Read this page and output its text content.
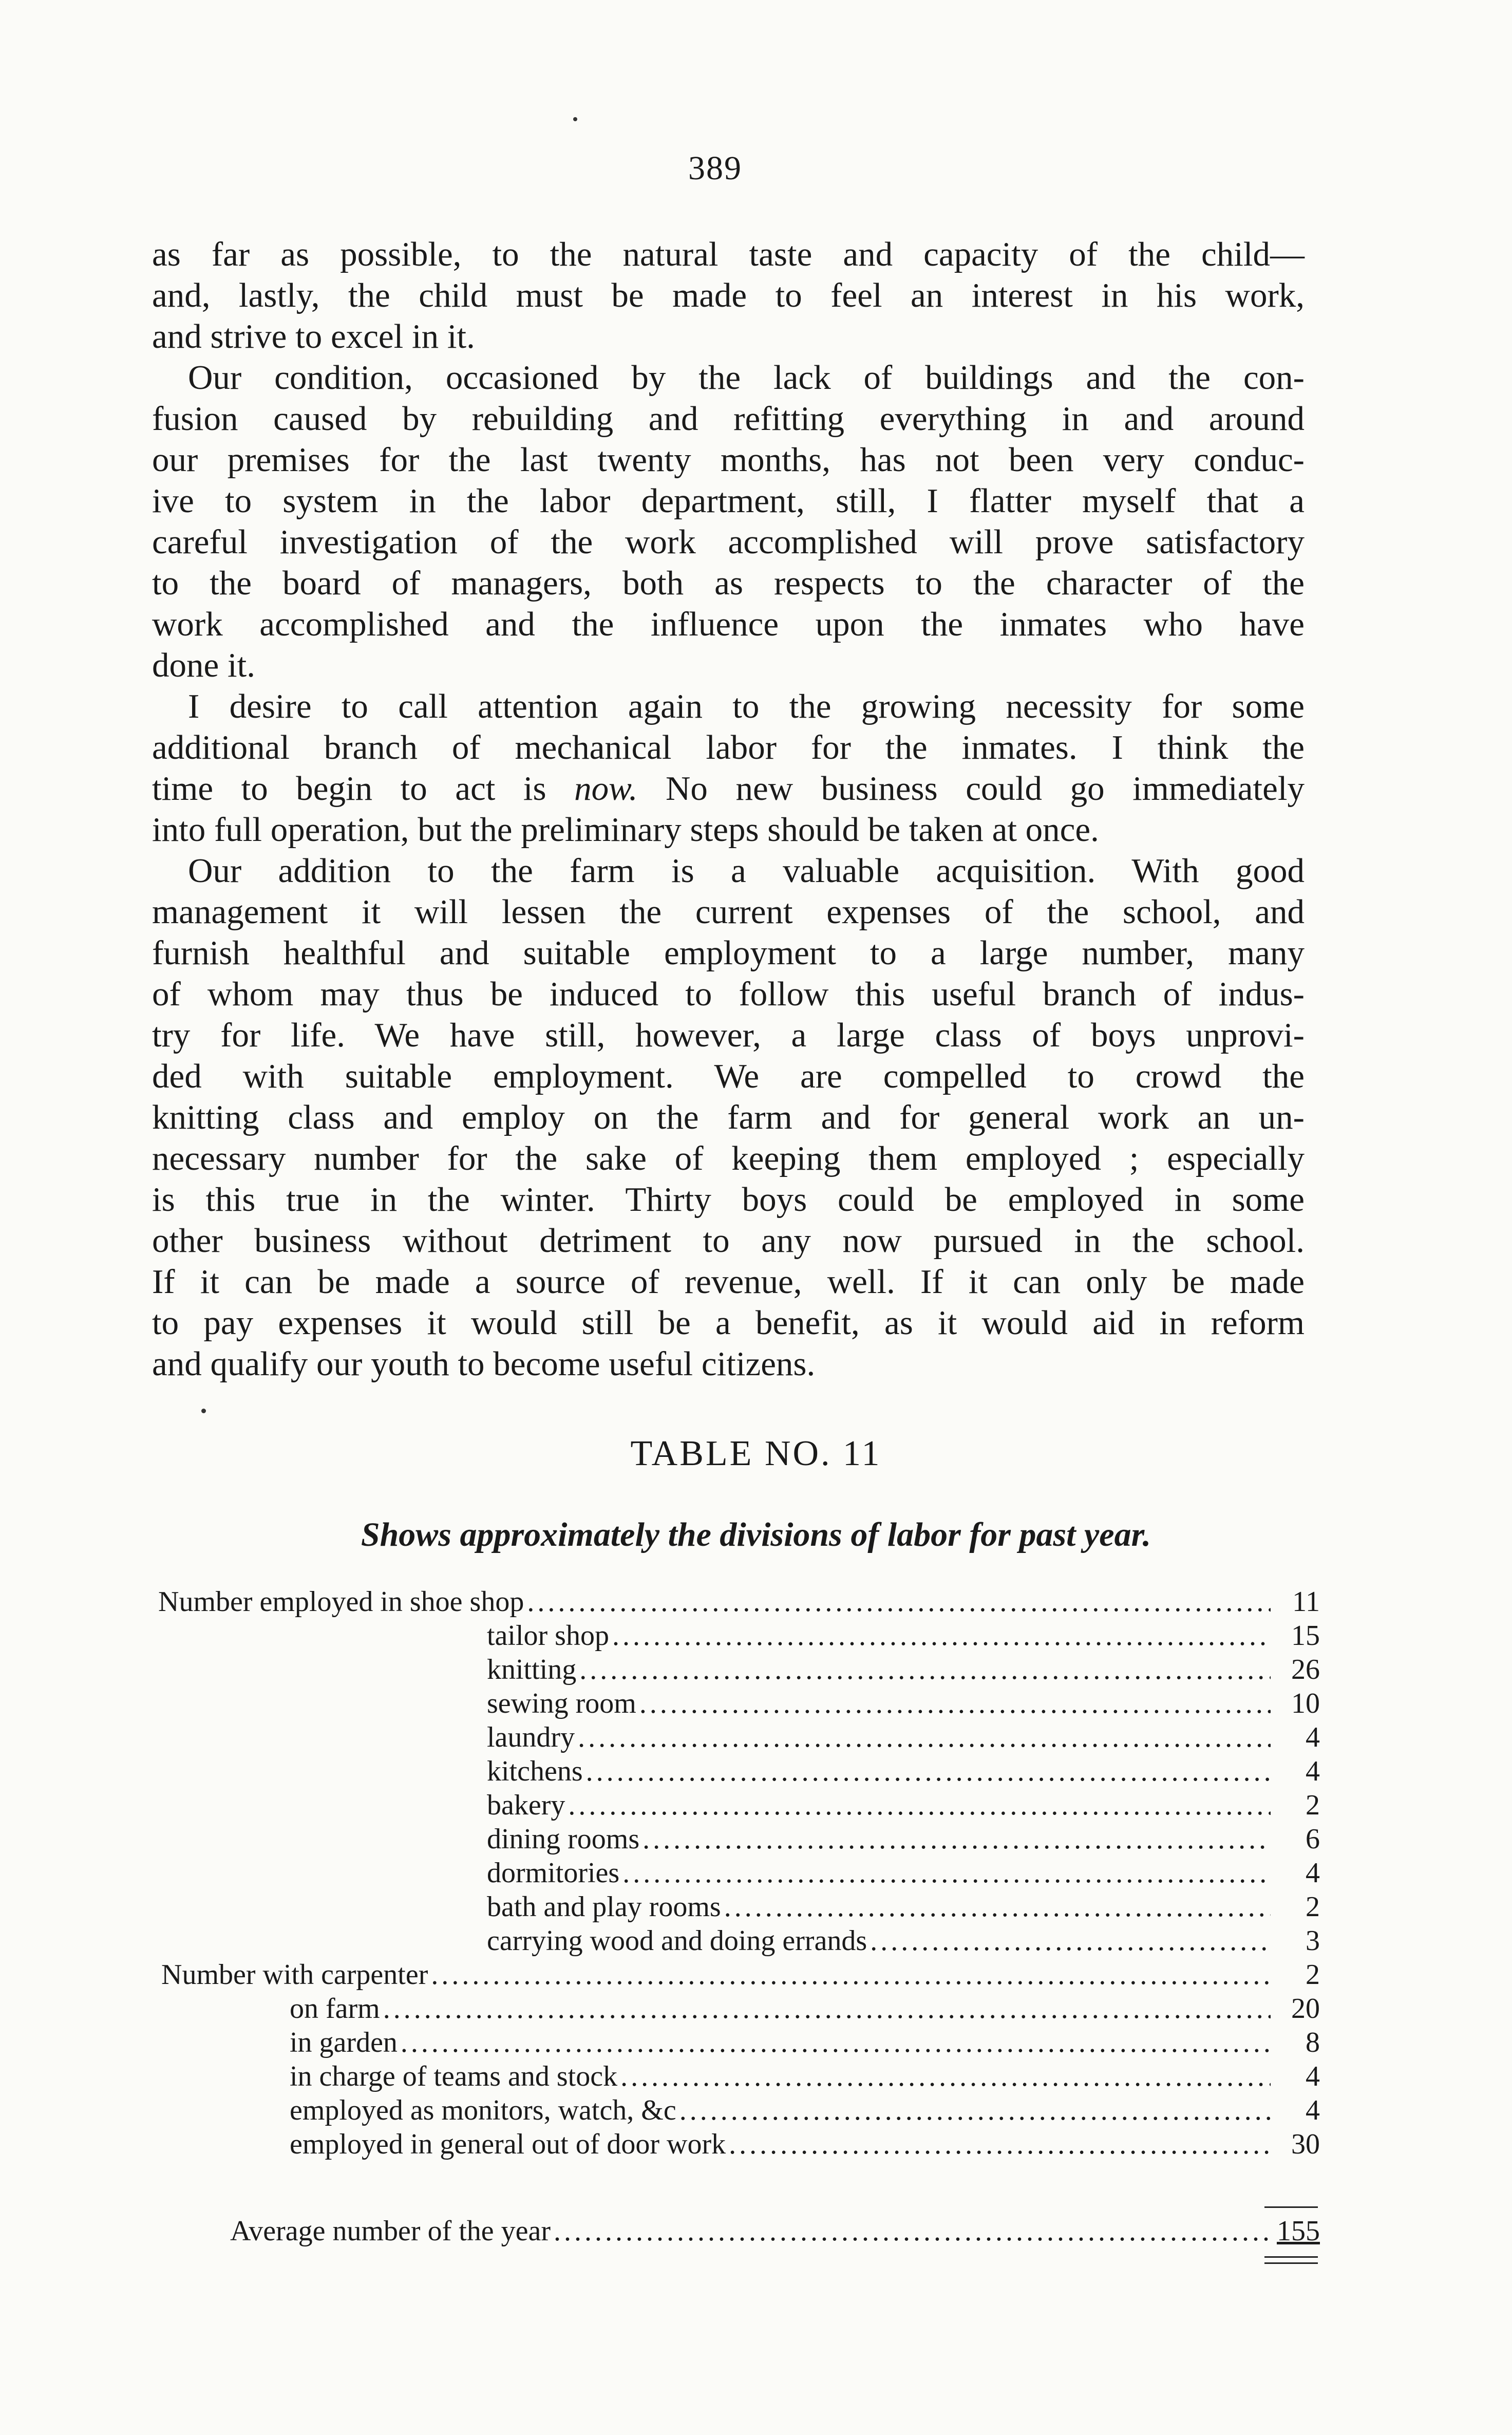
389
as far as possible, to the natural taste and capacity of the child—
and, lastly, the child must be made to feel an interest in his work,
and strive to excel in it.
Our condition, occasioned by the lack of buildings and the con-
fusion caused by rebuilding and refitting everything in and around
our premises for the last twenty months, has not been very conduc-
ive to system in the labor department, still, I flatter myself that a
careful investigation of the work accomplished will prove satisfactory
to the board of managers, both as respects to the character of the
work accomplished and the influence upon the inmates who have
done it.
I desire to call attention again to the growing necessity for some
additional branch of mechanical labor for the inmates. I think the
time to begin to act is now. No new business could go immediately
into full operation, but the preliminary steps should be taken at once.
Our addition to the farm is a valuable acquisition. With good
management it will lessen the current expenses of the school, and
furnish healthful and suitable employment to a large number, many
of whom may thus be induced to follow this useful branch of indus-
try for life. We have still, however, a large class of boys unprovi-
ded with suitable employment. We are compelled to crowd the
knitting class and employ on the farm and for general work an un-
necessary number for the sake of keeping them employed ; especially
is this true in the winter. Thirty boys could be employed in some
other business without detriment to any now pursued in the school.
If it can be made a source of revenue, well. If it can only be made
to pay expenses it would still be a benefit, as it would aid in reform
and qualify our youth to become useful citizens.
TABLE NO. 11
Shows approximately the divisions of labor for past year.
Number employed in shoe shop .....	11
tailor shop .....	15
knitting .....	26
sewing room .....	10
laundry .....	4
kitchens .....	4
bakery .....	2
dining rooms .....	6
dormitories .....	4
bath and play rooms .....	2
carrying wood and doing errands .....	3
Number with carpenter .....	2
on farm .....	20
in garden .....	8
in charge of teams and stock .....	4
employed as monitors, watch, &c .....	4
employed in general out of door work .....	30
Average number of the year .....	155
